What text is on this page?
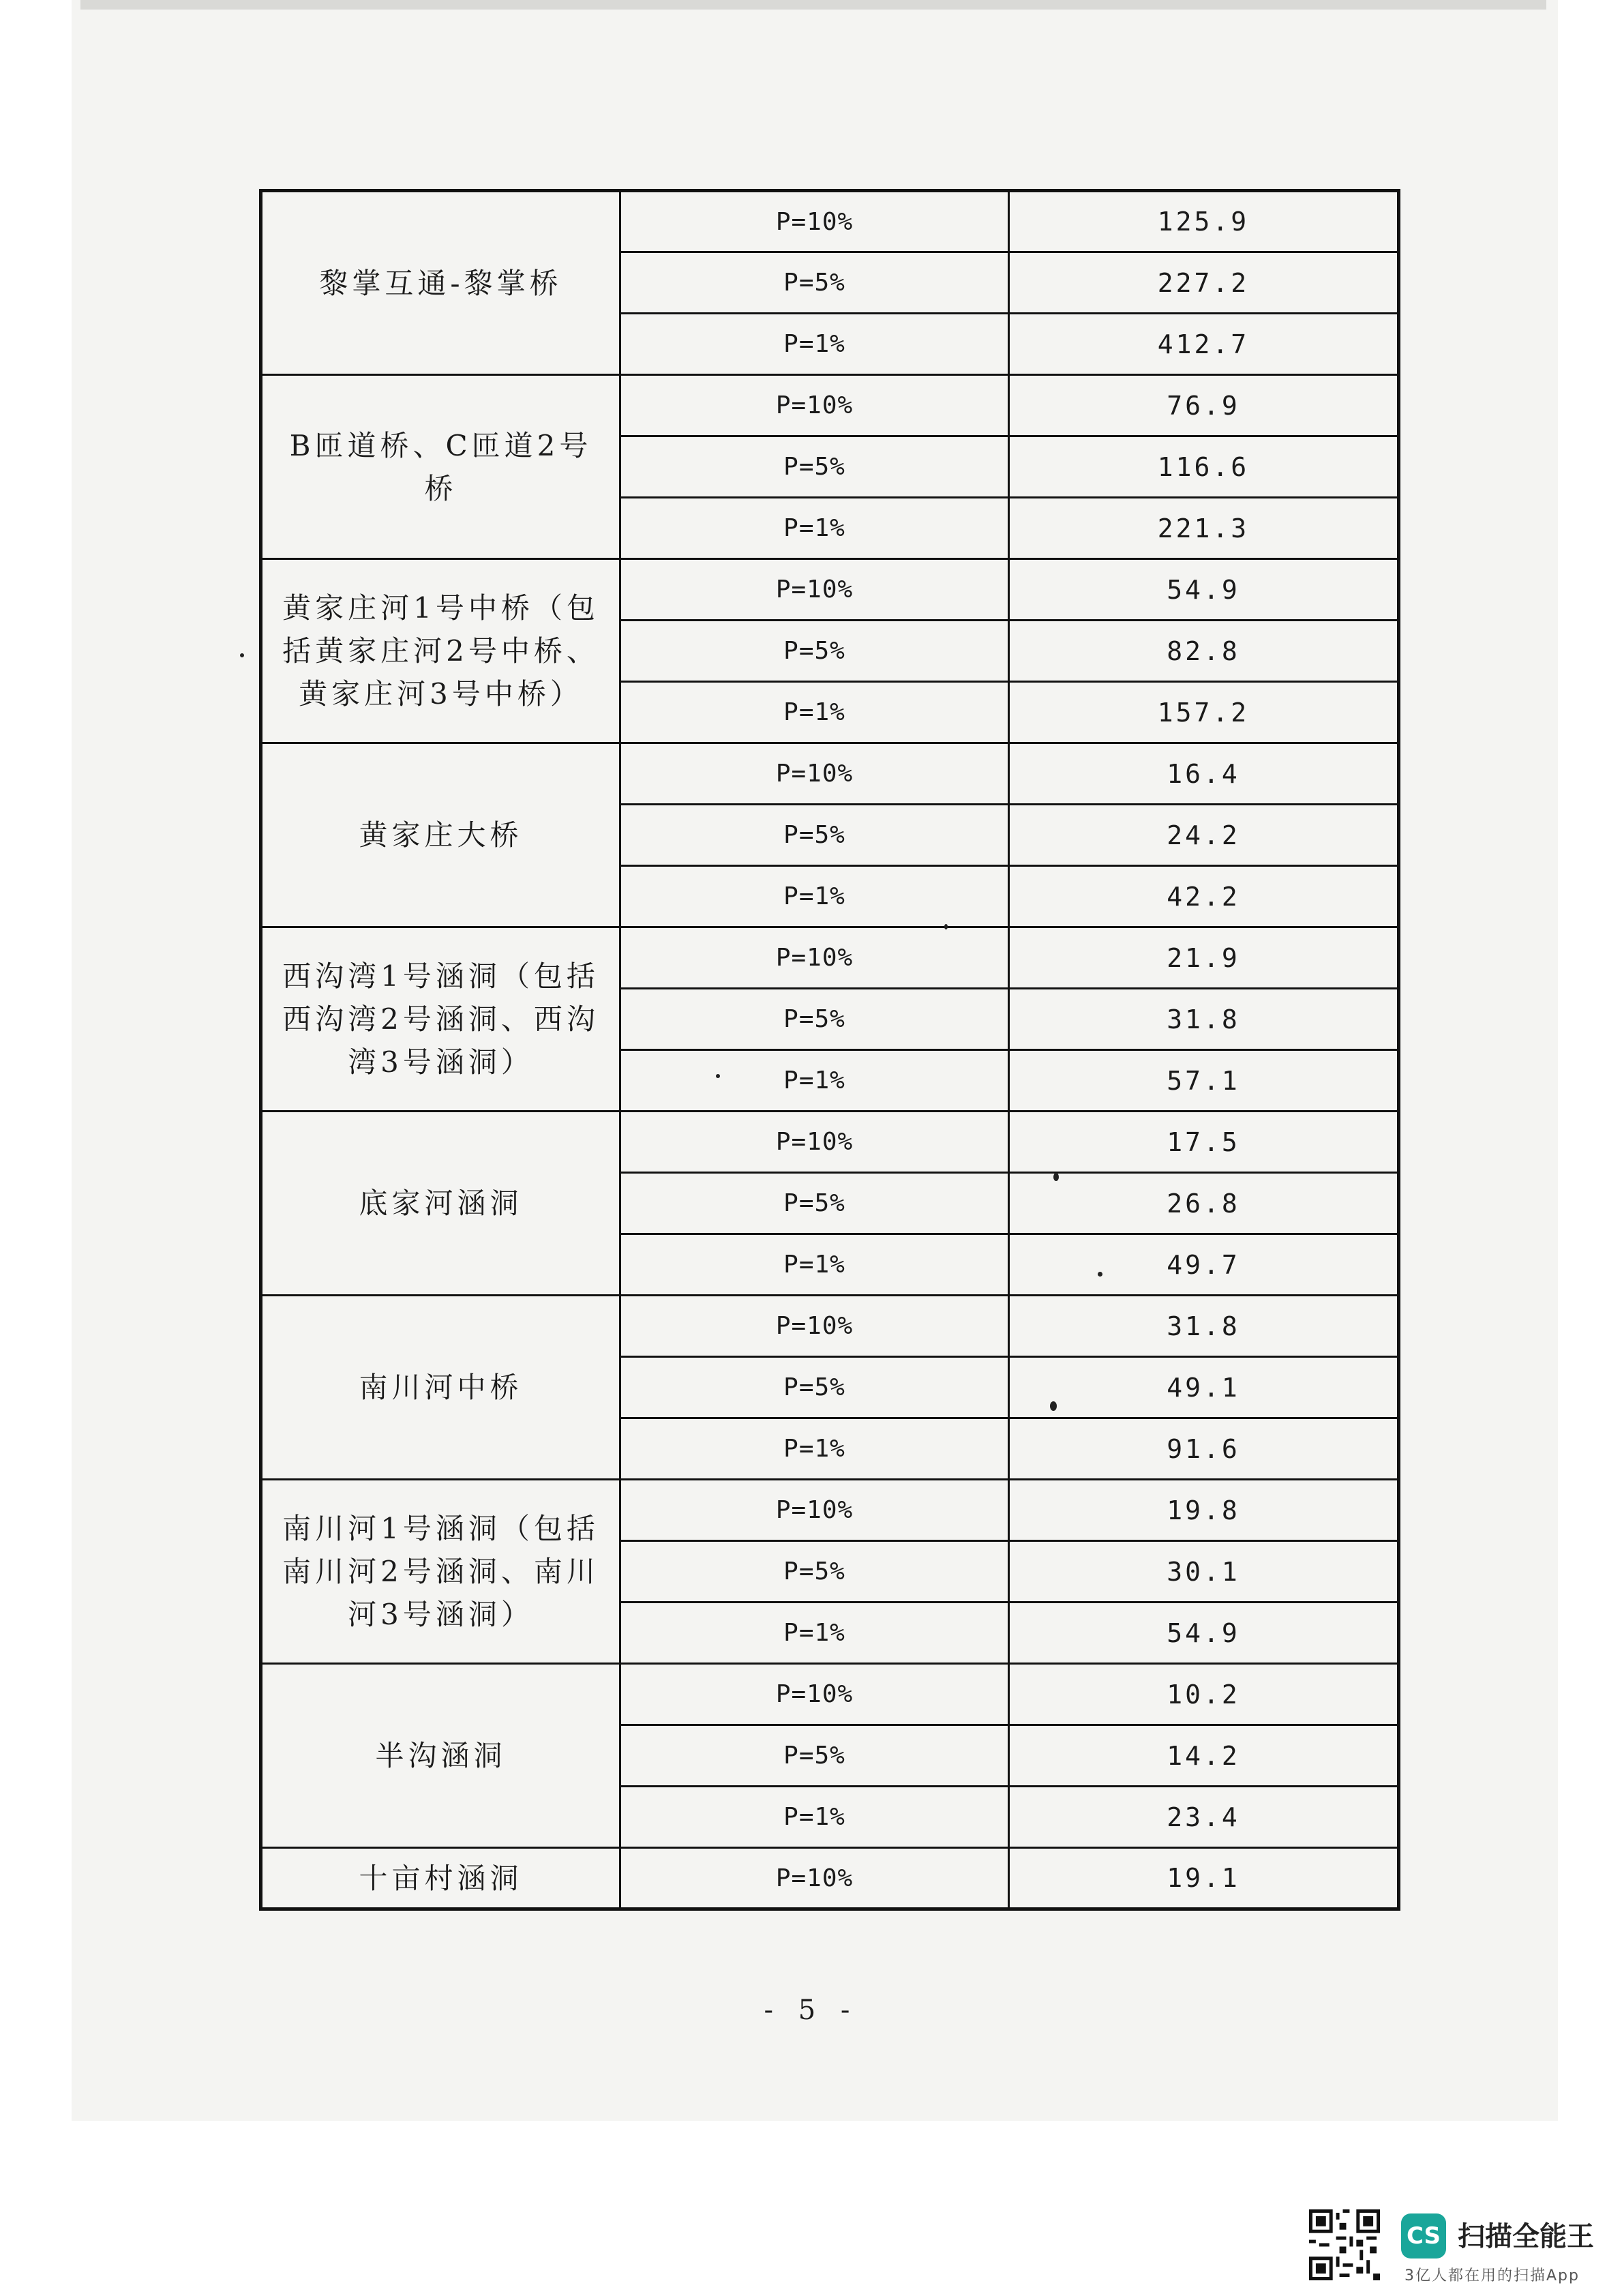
黎掌互通-黎掌桥	P=10%	125.9
	P=5%	227.2
	P=1%	412.7
B匝道桥、C匝道2号桥	P=10%	76.9
	P=5%	116.6
	P=1%	221.3
黄家庄河1号中桥（包括黄家庄河2号中桥、黄家庄河3号中桥）	P=10%	54.9
	P=5%	82.8
	P=1%	157.2
黄家庄大桥	P=10%	16.4
	P=5%	24.2
	P=1%	42.2
西沟湾1号涵洞（包括西沟湾2号涵洞、西沟湾3号涵洞）	P=10%	21.9
	P=5%	31.8
	P=1%	57.1
底家河涵洞	P=10%	17.5
	P=5%	26.8
	P=1%	49.7
南川河中桥	P=10%	31.8
	P=5%	49.1
	P=1%	91.6
南川河1号涵洞（包括南川河2号涵洞、南川河3号涵洞）	P=10%	19.8
	P=5%	30.1
	P=1%	54.9
半沟涵洞	P=10%	10.2
	P=5%	14.2
	P=1%	23.4
十亩村涵洞	P=10%	19.1
- 5 -
CS 扫描全能王
3亿人都在用的扫描App
